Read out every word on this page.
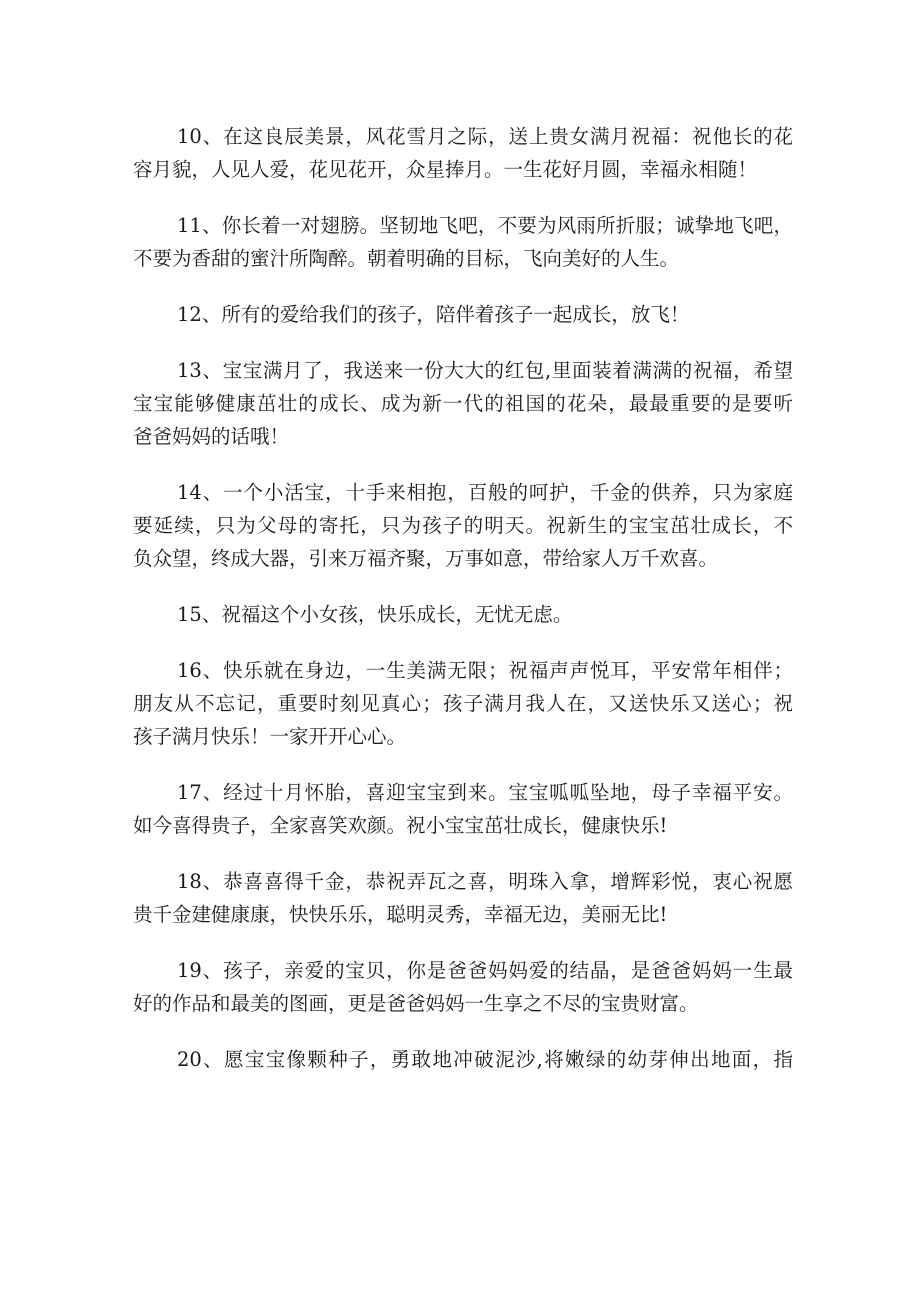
10、在这良辰美景，风花雪月之际，送上贵女满月祝福：祝他长的花
容月貌，人见人爱，花见花开，众星捧月。一生花好月圆，幸福永相随！
11、你长着一对翅膀。坚韧地飞吧，不要为风雨所折服；诚挚地飞吧，
不要为香甜的蜜汁所陶醉。朝着明确的目标，飞向美好的人生。
12、所有的爱给我们的孩子，陪伴着孩子一起成长，放飞！
13、宝宝满月了，我送来一份大大的红包,里面装着满满的祝福，希望
宝宝能够健康茁壮的成长、成为新一代的祖国的花朵，最最重要的是要听
爸爸妈妈的话哦！
14、一个小活宝，十手来相抱，百般的呵护，千金的供养，只为家庭
要延续，只为父母的寄托，只为孩子的明天。祝新生的宝宝茁壮成长，不
负众望，终成大器，引来万福齐聚，万事如意，带给家人万千欢喜。
15、祝福这个小女孩，快乐成长，无忧无虑。
16、快乐就在身边，一生美满无限；祝福声声悦耳，平安常年相伴；
朋友从不忘记，重要时刻见真心；孩子满月我人在，又送快乐又送心；祝
孩子满月快乐！一家开开心心。
17、经过十月怀胎，喜迎宝宝到来。宝宝呱呱坠地，母子幸福平安。
如今喜得贵子，全家喜笑欢颜。祝小宝宝茁壮成长，健康快乐!
18、恭喜喜得千金，恭祝弄瓦之喜，明珠入拿，增辉彩悦，衷心祝愿
贵千金建健康康，快快乐乐，聪明灵秀，幸福无边，美丽无比!
19、孩子，亲爱的宝贝，你是爸爸妈妈爱的结晶，是爸爸妈妈一生最
好的作品和最美的图画，更是爸爸妈妈一生享之不尽的宝贵财富。
20、愿宝宝像颗种子，勇敢地冲破泥沙,将嫩绿的幼芽伸出地面，指
